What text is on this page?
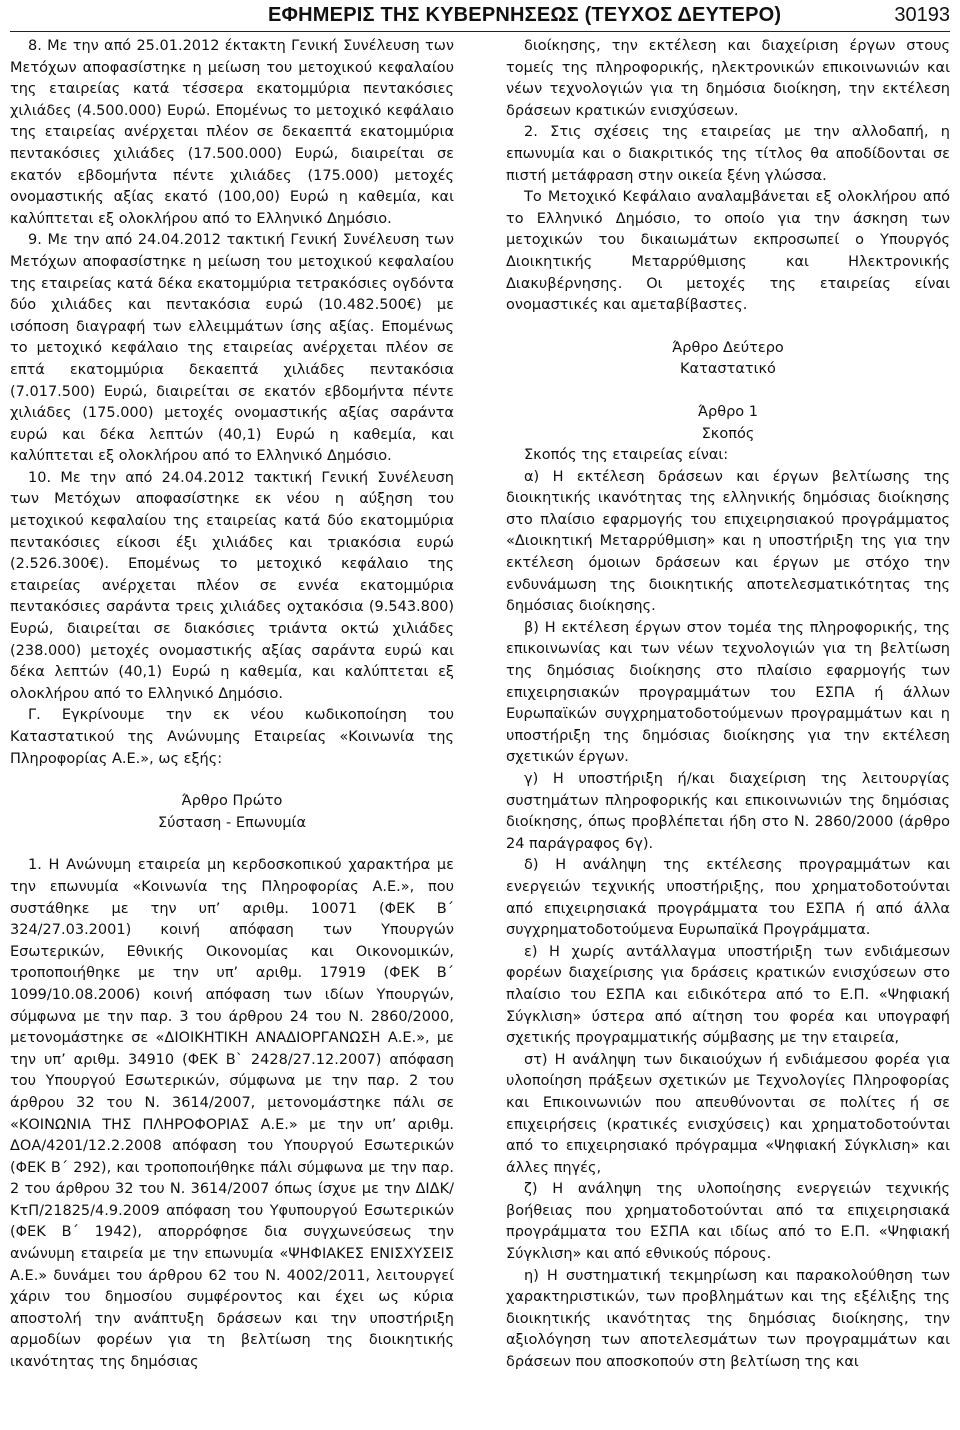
ΕΦΗΜΕΡΙΣ ΤΗΣ ΚΥΒΕΡΝΗΣΕΩΣ (ΤΕΥΧΟΣ ΔΕΥΤΕΡΟ)	30193

8. Με την από 25.01.2012 έκτακτη Γενική Συνέλευση των Μετόχων αποφασίστηκε η μείωση του μετοχικού κεφαλαίου της εταιρείας κατά τέσσερα εκατομμύρια πεντακόσιες χιλιάδες (4.500.000) Ευρώ. Επομένως το μετοχικό κεφάλαιο της εταιρείας ανέρχεται πλέον σε δεκαεπτά εκατομμύρια πεντακόσιες χιλιάδες (17.500.000) Ευρώ, διαιρείται σε εκατόν εβδομήντα πέντε χιλιάδες (175.000) μετοχές ονομαστικής αξίας εκατό (100,00) Ευρώ η καθεμία, και καλύπτεται εξ ολοκλήρου από το Ελληνικό Δημόσιο.

9. Με την από 24.04.2012 τακτική Γενική Συνέλευση των Μετόχων αποφασίστηκε η μείωση του μετοχικού κεφαλαίου της εταιρείας κατά δέκα εκατομμύρια τετρακόσιες ογδόντα δύο χιλιάδες και πεντακόσια ευρώ (10.482.500€) με ισόποση διαγραφή των ελλειμμάτων ίσης αξίας. Επομένως το μετοχικό κεφάλαιο της εταιρείας ανέρχεται πλέον σε επτά εκατομμύρια δεκαεπτά χιλιάδες πεντακόσια (7.017.500) Ευρώ, διαιρείται σε εκατόν εβδομήντα πέντε χιλιάδες (175.000) μετοχές ονομαστικής αξίας σαράντα ευρώ και δέκα λεπτών (40,1) Ευρώ η καθεμία, και καλύπτεται εξ ολοκλήρου από το Ελληνικό Δημόσιο.

10. Με την από 24.04.2012 τακτική Γενική Συνέλευση των Μετόχων αποφασίστηκε εκ νέου η αύξηση του μετοχικού κεφαλαίου της εταιρείας κατά δύο εκατομμύρια πεντακόσιες είκοσι έξι χιλιάδες και τριακόσια ευρώ (2.526.300€). Επομένως το μετοχικό κεφάλαιο της εταιρείας ανέρχεται πλέον σε εννέα εκατομμύρια πεντακόσιες σαράντα τρεις χιλιάδες οχτακόσια (9.543.800) Ευρώ, διαιρείται σε διακόσιες τριάντα οκτώ χιλιάδες (238.000) μετοχές ονομαστικής αξίας σαράντα ευρώ και δέκα λεπτών (40,1) Ευρώ η καθεμία, και καλύπτεται εξ ολοκλήρου από το Ελληνικό Δημόσιο.

Γ. Εγκρίνουμε την εκ νέου κωδικοποίηση του Καταστατικού της Ανώνυμης Εταιρείας «Κοινωνία της Πληροφορίας Α.Ε.», ως εξής:

Άρθρο Πρώτο

Σύσταση - Επωνυμία

1. Η Ανώνυμη εταιρεία μη κερδοσκοπικού χαρακτήρα με την επωνυμία «Κοινωνία της Πληροφορίας Α.Ε.», που συστάθηκε με την υπ’ αριθμ. 10071 (ΦΕΚ Β΄ 324/27.03.2001) κοινή απόφαση των Υπουργών Εσωτερικών, Εθνικής Οικονομίας και Οικονομικών, τροποποιήθηκε με την υπ’ αριθμ. 17919 (ΦΕΚ Β΄ 1099/10.08.2006) κοινή απόφαση των ιδίων Υπουργών, σύμφωνα με την παρ. 3 του άρθρου 24 του Ν. 2860/2000, μετονομάστηκε σε «ΔΙΟΙΚΗΤΙΚΗ ΑΝΑΔΙΟΡΓΑΝΩΣΗ Α.Ε.», με την υπ’ αριθμ. 34910 (ΦΕΚ Β` 2428/27.12.2007) απόφαση του Υπουργού Εσωτερικών, σύμφωνα με την παρ. 2 του άρθρου 32 του Ν. 3614/2007, μετονομάστηκε πάλι σε «ΚΟΙΝΩΝΙΑ ΤΗΣ ΠΛΗΡΟΦΟΡΙΑΣ Α.Ε.» με την υπ’ αριθμ. ΔΟΑ/4201/12.2.2008 απόφαση του Υπουργού Εσωτερικών (ΦΕΚ Β΄ 292), και τροποποιήθηκε πάλι σύμφωνα με την παρ. 2 του άρθρου 32 του Ν. 3614/2007 όπως ίσχυε με την ΔΙΔΚ/ΚτΠ/21825/4.9.2009 απόφαση του Υφυπουργού Εσωτερικών (ΦΕΚ Β΄ 1942), απορρόφησε δια συγχωνεύσεως την ανώνυμη εταιρεία με την επωνυμία «ΨΗΦΙΑΚΕΣ ΕΝΙΣΧΥΣΕΙΣ Α.Ε.» δυνάμει του άρθρου 62 του Ν. 4002/2011, λειτουργεί χάριν του δημοσίου συμφέροντος και έχει ως κύρια αποστολή την ανάπτυξη δράσεων και την υποστήριξη αρμοδίων φορέων για τη βελτίωση της διοικητικής ικανότητας της δημόσιας

διοίκησης, την εκτέλεση και διαχείριση έργων στους τομείς της πληροφορικής, ηλεκτρονικών επικοινωνιών και νέων τεχνολογιών για τη δημόσια διοίκηση, την εκτέλεση δράσεων κρατικών ενισχύσεων.

2. Στις σχέσεις της εταιρείας με την αλλοδαπή, η επωνυμία και ο διακριτικός της τίτλος θα αποδίδονται σε πιστή μετάφραση στην οικεία ξένη γλώσσα.

Το Μετοχικό Κεφάλαιο αναλαμβάνεται εξ ολοκλήρου από το Ελληνικό Δημόσιο, το οποίο για την άσκηση των μετοχικών του δικαιωμάτων εκπροσωπεί ο Υπουργός Διοικητικής Μεταρρύθμισης και Ηλεκτρονικής Διακυβέρνησης. Οι μετοχές της εταιρείας είναι ονομαστικές και αμεταβίβαστες.

Άρθρο Δεύτερο

Καταστατικό

Άρθρο 1

Σκοπός

Σκοπός της εταιρείας είναι:

α) Η εκτέλεση δράσεων και έργων βελτίωσης της διοικητικής ικανότητας της ελληνικής δημόσιας διοίκησης στο πλαίσιο εφαρμογής του επιχειρησιακού προγράμματος «Διοικητική Μεταρρύθμιση» και η υποστήριξη της για την εκτέλεση όμοιων δράσεων και έργων με στόχο την ενδυνάμωση της διοικητικής αποτελεσματικότητας της δημόσιας διοίκησης.

β) Η εκτέλεση έργων στον τομέα της πληροφορικής, της επικοινωνίας και των νέων τεχνολογιών για τη βελτίωση της δημόσιας διοίκησης στο πλαίσιο εφαρμογής των επιχειρησιακών προγραμμάτων του ΕΣΠΑ ή άλλων Ευρωπαϊκών συγχρηματοδοτούμενων προγραμμάτων και η υποστήριξη της δημόσιας διοίκησης για την εκτέλεση σχετικών έργων.

γ) Η υποστήριξη ή/και διαχείριση της λειτουργίας συστημάτων πληροφορικής και επικοινωνιών της δημόσιας διοίκησης, όπως προβλέπεται ήδη στο Ν. 2860/2000 (άρθρο 24 παράγραφος 6γ).

δ) Η ανάληψη της εκτέλεσης προγραμμάτων και ενεργειών τεχνικής υποστήριξης, που χρηματοδοτούνται από επιχειρησιακά προγράμματα του ΕΣΠΑ ή από άλλα συγχρηματοδοτούμενα Ευρωπαϊκά Προγράμματα.

ε) Η χωρίς αντάλλαγμα υποστήριξη των ενδιάμεσων φορέων διαχείρισης για δράσεις κρατικών ενισχύσεων στο πλαίσιο του ΕΣΠΑ και ειδικότερα από το Ε.Π. «Ψηφιακή Σύγκλιση» ύστερα από αίτηση του φορέα και υπογραφή σχετικής προγραμματικής σύμβασης με την εταιρεία,

στ) Η ανάληψη των δικαιούχων ή ενδιάμεσου φορέα για υλοποίηση πράξεων σχετικών με Τεχνολογίες Πληροφορίας και Επικοινωνιών που απευθύνονται σε πολίτες ή σε επιχειρήσεις (κρατικές ενισχύσεις) και χρηματοδοτούνται από το επιχειρησιακό πρόγραμμα «Ψηφιακή Σύγκλιση» και άλλες πηγές,

ζ) Η ανάληψη της υλοποίησης ενεργειών τεχνικής βοήθειας που χρηματοδοτούνται από τα επιχειρησιακά προγράμματα του ΕΣΠΑ και ιδίως από το Ε.Π. «Ψηφιακή Σύγκλιση» και από εθνικούς πόρους.

η) Η συστηματική τεκμηρίωση και παρακολούθηση των χαρακτηριστικών, των προβλημάτων και της εξέλιξης της διοικητικής ικανότητας της δημόσιας διοίκησης, την αξιολόγηση των αποτελεσμάτων των προγραμμάτων και δράσεων που αποσκοπούν στη βελτίωση της και
